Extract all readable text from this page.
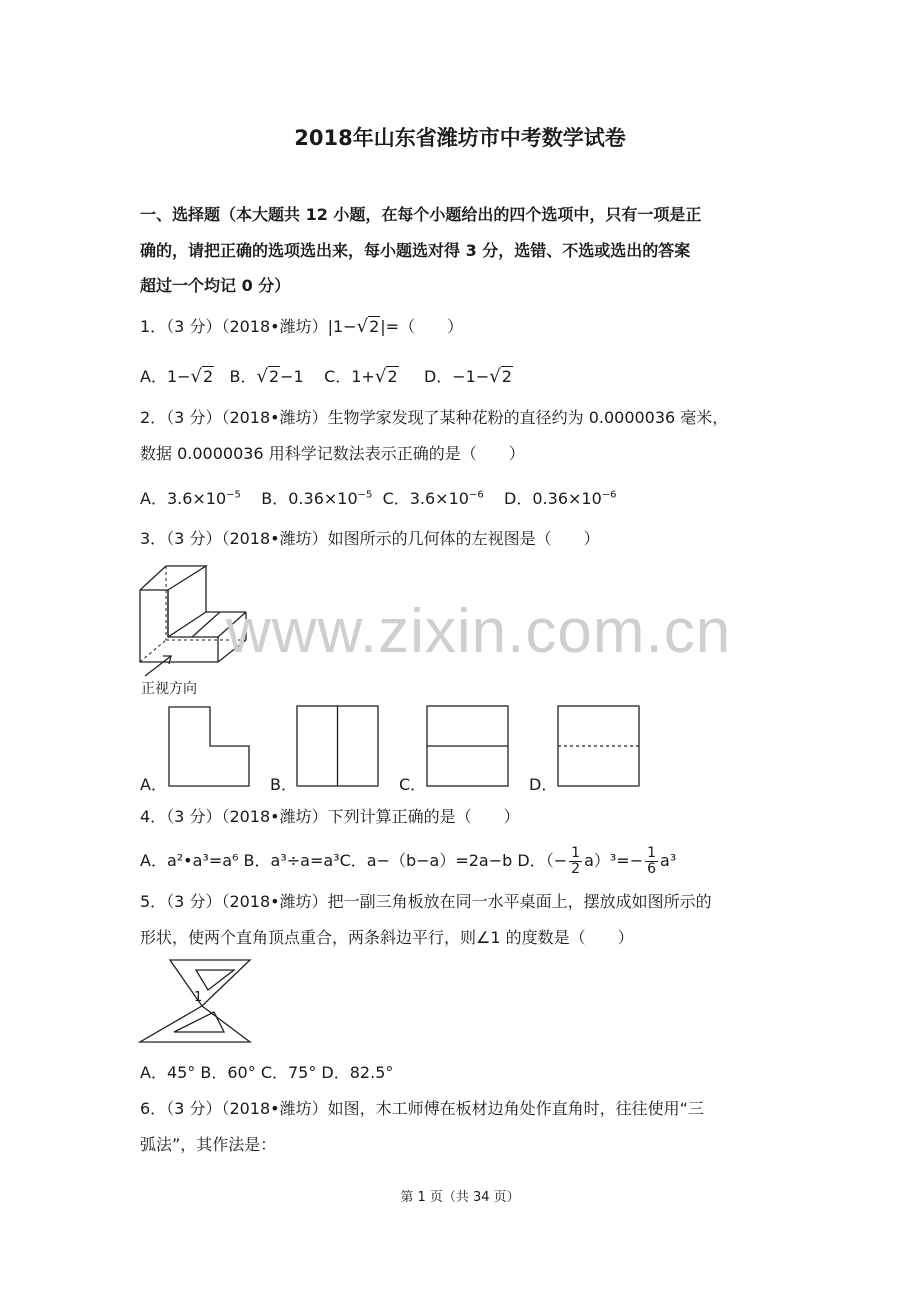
2018年山东省潍坊市中考数学试卷
一、选择题（本大题共 12 小题，在每个小题给出的四个选项中，只有一项是正
确的，请把正确的选项选出来，每小题选对得 3 分，选错、不选或选出的答案
超过一个均记 0 分）
1．（3 分）（2018•潍坊）|1−√2|=（　　）
A．1−√2 B．√2−1 C．1+√2 D．−1−√2
2．（3 分）（2018•潍坊）生物学家发现了某种花粉的直径约为 0.0000036 毫米，
数据 0.0000036 用科学记数法表示正确的是（　　）
A．$3.6\times 10^{-5}$ B．$0.36\times 10^{-5}$ C．$3.6\times 10^{-6}$ D．$0.36\times 10^{-6}$
3．（3 分）（2018•潍坊）如图所示的几何体的左视图是（　　）
正视方向
A．	B．	C．	D．
4．（3 分）（2018•潍坊）下列计算正确的是（　　）
A．a²•a³=a⁶ B．a³÷a=a³C．a−（b−a）=2a−b D．（− $\frac{1}{2} a)^3=- \frac{1}{6} a^3$
5．（3 分）（2018•潍坊）把一副三角板放在同一水平桌面上，摆放成如图所示的
形状，使两个直角顶点重合，两条斜边平行，则∠1 的度数是（　　）
1
A．45° B．60° C．75° D．82.5°
6．（3 分）（2018•潍坊）如图，木工师傅在板材边角处作直角时，往往使用“三
弧法”，其作法是：
www.zixin.com.cn
第 1 页（共 34 页）
